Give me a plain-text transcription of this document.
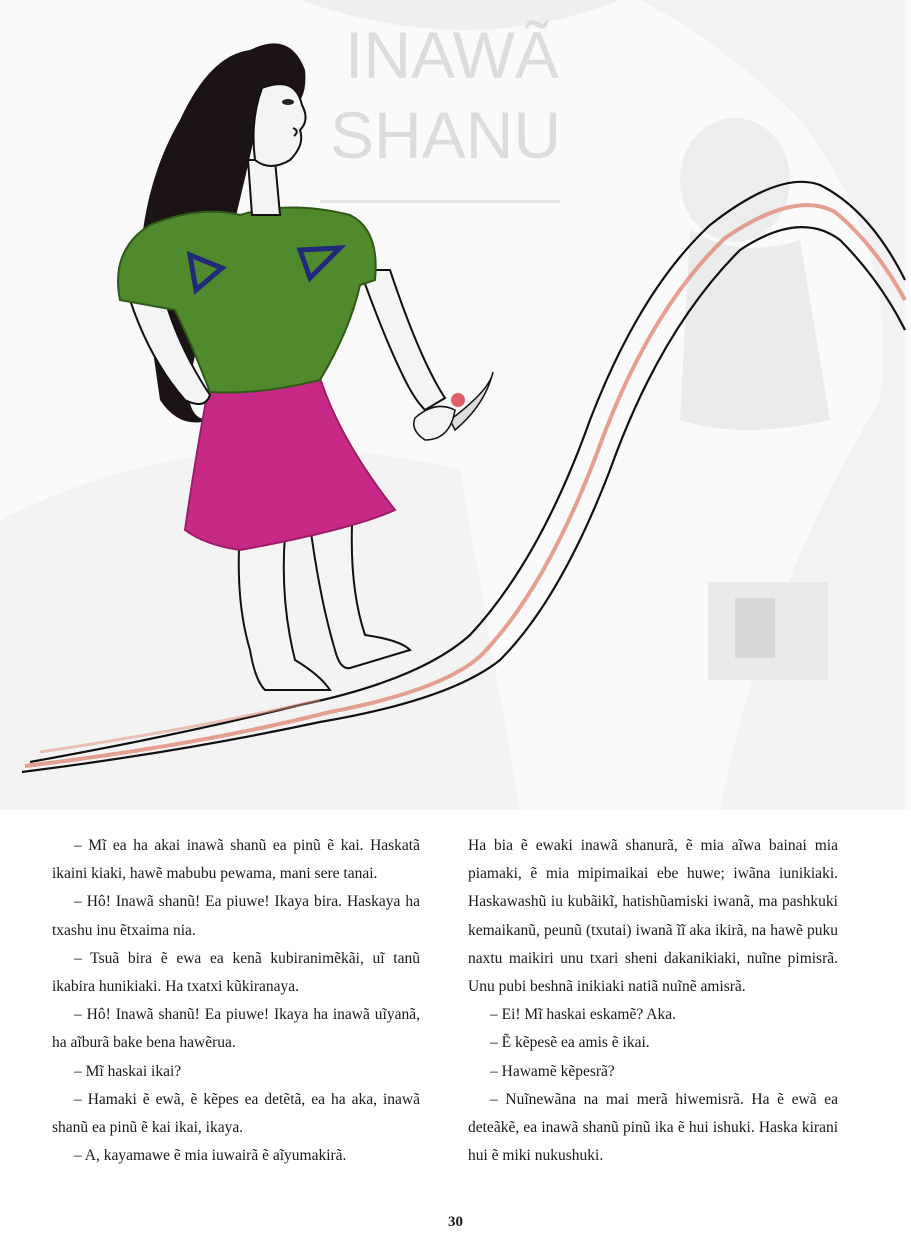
INAWÃ
SHANU

– Mĩ ea ha akai inawã shanũ ea pinũ ẽ kai. Haskatã ikaini kiaki, hawẽ mabubu pewama, mani sere tanai.

– Hô! Inawã shanũ! Ea piuwe! Ikaya bira. Haskaya ha txashu inu ẽtxaima nia.

– Tsuã bira ẽ ewa ea kenã kubiranimẽkãi, uĩ tanũ ikabira hunikiaki. Ha txatxi kũkiranaya.

– Hô! Inawã shanũ! Ea piuwe! Ikaya ha inawã uĩyanã, ha aĩburã bake bena hawẽrua.

– Mĩ haskai ikai?

– Hamaki ẽ ewã, ẽ kẽpes ea detẽtã, ea ha aka, inawã shanũ ea pinũ ẽ kai ikai, ikaya.

– A, kayamawe ẽ mia iuwairã ẽ aĩyumakirã.

Ha bia ẽ ewaki inawã shanurã, ẽ mia aĩwa bainai mia piamaki, ẽ mia mipimaikai ebe huwe; iwãna iunikiaki. Haskawashũ iu kubãikĩ, hatishũamiski iwanã, ma pashkuki kemaikanũ, peunũ (txutai) iwanã ĩĩ aka ikirã, na hawẽ puku naxtu maikiri unu txari sheni dakanikiaki, nuĩne pimisrã. Unu pubi beshnã inikiaki natiã nuĩnẽ amisrã.

– Ei! Mĩ haskai eskamẽ? Aka.

– Ẽ kẽpesẽ ea amis ẽ ikai.

– Hawamẽ kẽpesrã?

– Nuĩnewãna na mai merã hiwemisrã. Ha ẽ ewã ea deteãkẽ, ea inawã shanũ pinũ ika ẽ hui ishuki. Haska kirani hui ẽ miki nukushuki.

30
